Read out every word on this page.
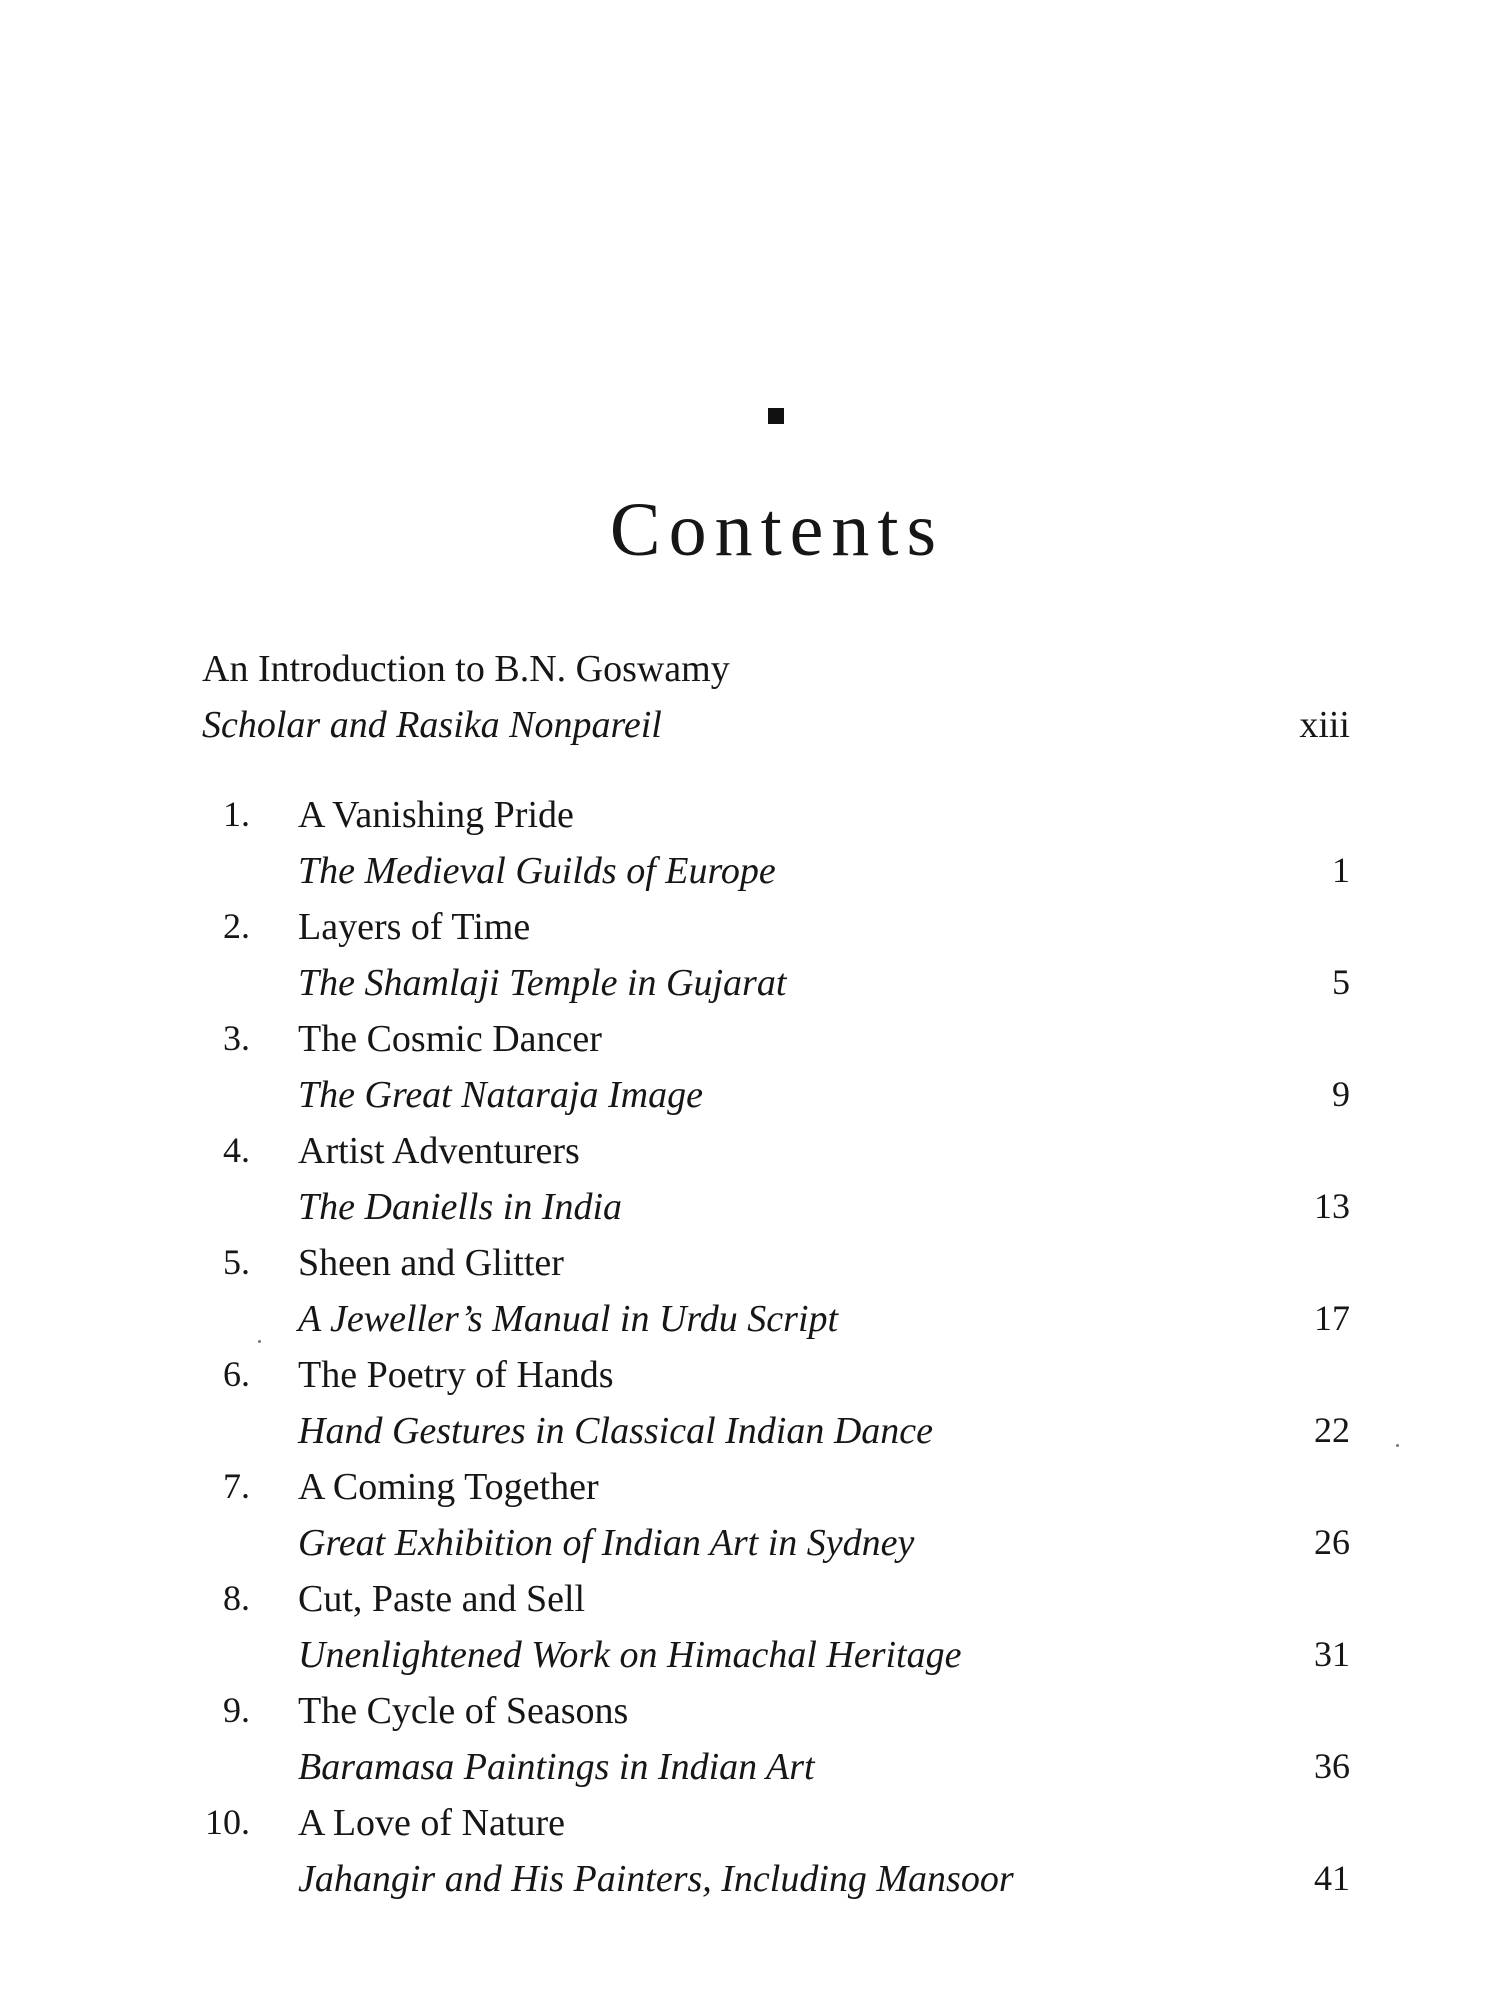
Contents
An Introduction to B.N. Goswamy
Scholar and Rasika Nonpareil	xiii
1. A Vanishing Pride
The Medieval Guilds of Europe	1
2. Layers of Time
The Shamlaji Temple in Gujarat	5
3. The Cosmic Dancer
The Great Nataraja Image	9
4. Artist Adventurers
The Daniells in India	13
5. Sheen and Glitter
A Jeweller’s Manual in Urdu Script	17
6. The Poetry of Hands
Hand Gestures in Classical Indian Dance	22
7. A Coming Together
Great Exhibition of Indian Art in Sydney	26
8. Cut, Paste and Sell
Unenlightened Work on Himachal Heritage	31
9. The Cycle of Seasons
Baramasa Paintings in Indian Art	36
10. A Love of Nature
Jahangir and His Painters, Including Mansoor	41
